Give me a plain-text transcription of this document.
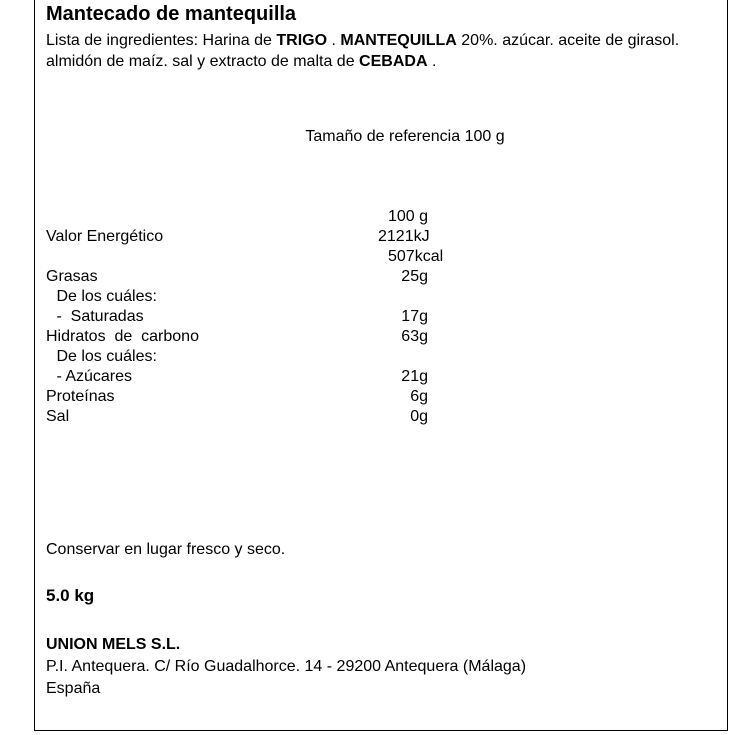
Mantecado de mantequilla
Lista de ingredientes: Harina de TRIGO . MANTEQUILLA 20%. azúcar. aceite de girasol. almidón de maíz. sal y extracto de malta de CEBADA .
Tamaño de referencia 100 g
100 g
Valor Energético	2121kJ
507kcal
Grasas	25g
De los cuáles:
-  Saturadas	17g
Hidratos  de  carbono	63g
De los cuáles:
- Azúcares	21g
Proteínas	6g
Sal	0g
Conservar en lugar fresco y seco.
5.0 kg
UNION MELS S.L.
P.I. Antequera. C/ Río Guadalhorce. 14 - 29200 Antequera (Málaga)
España
